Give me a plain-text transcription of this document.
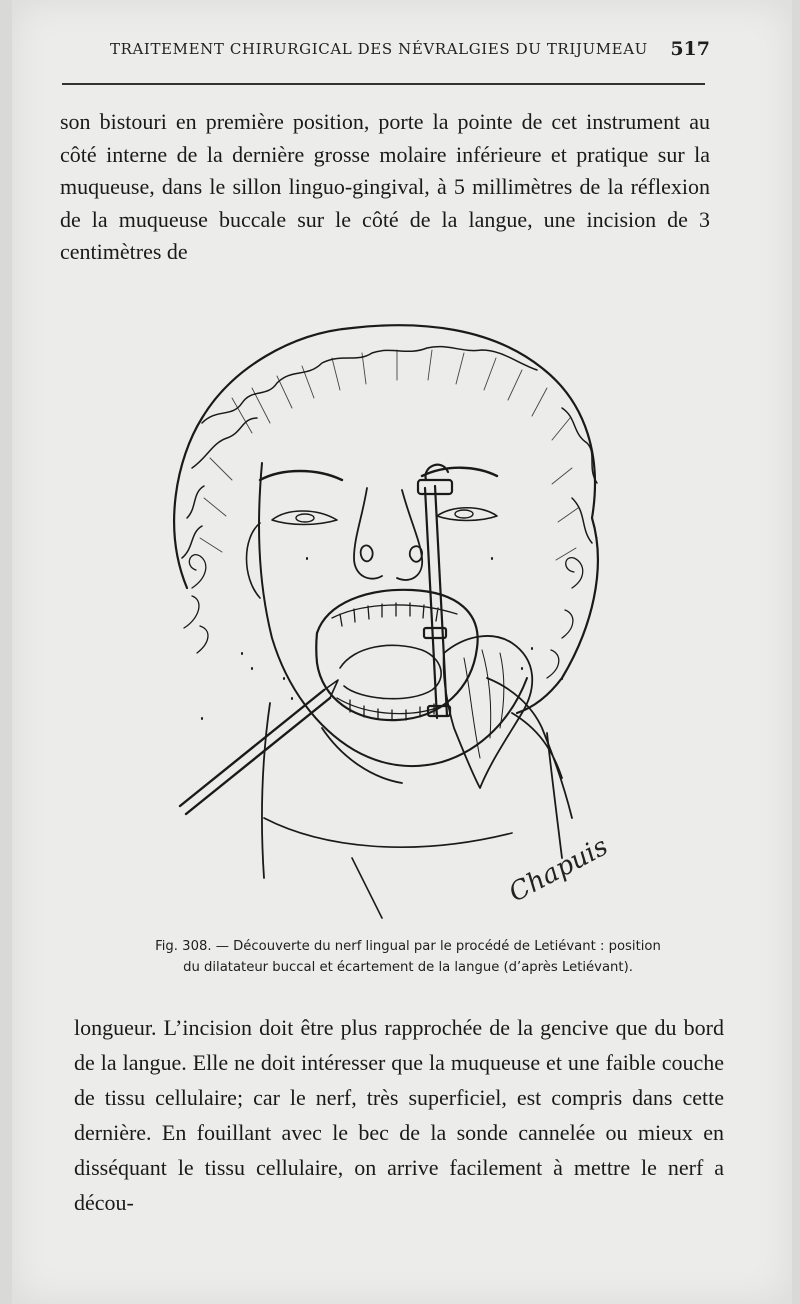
TRAITEMENT CHIRURGICAL DES NÉVRALGIES DU TRIJUMEAU 517
son bistouri en première position, porte la pointe de cet instrument au côté interne de la dernière grosse molaire inférieure et pratique sur la muqueuse, dans le sillon linguo-gingival, à 5 millimètres de la réflexion de la muqueuse buccale sur le côté de la langue, une incision de 3 centimètres de
Chapuis
Fig. 308. — Découverte du nerf lingual par le procédé de Letiévant : position
du dilatateur buccal et écartement de la langue (d’après Letiévant).
longueur. L’incision doit être plus rapprochée de la gencive que du bord de la langue. Elle ne doit intéresser que la muqueuse et une faible couche de tissu cellulaire; car le nerf, très superficiel, est compris dans cette dernière. En fouillant avec le bec de la sonde cannelée ou mieux en disséquant le tissu cellulaire, on arrive facilement à mettre le nerf a décou-
